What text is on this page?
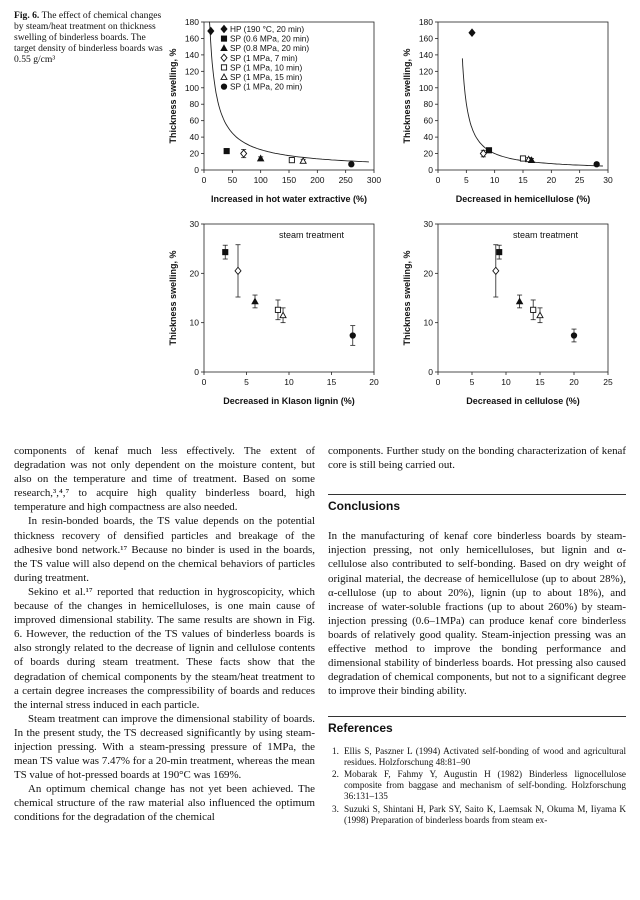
Fig. 6. The effect of chemical changes by steam/heat treatment on thickness swelling of binderless boards. The target density of binderless boards was 0.55 g/cm³
0 50 100 150 200 250 300
0
20
40
60
80
100
120
140
160
180
Increased in hot water extractive (%)
Thickness swelling, %
HP (190 °C, 20 min)
SP (0.6 MPa, 20 min)
SP (0.8 MPa, 20 min)
SP (1 MPa, 7 min)
SP (1 MPa, 10 min)
SP (1 MPa, 15 min)
SP (1 MPa, 20 min)
0	5 10 15 20 25 30
0
20
40
60
80
100
120
140
160
180
Decreased in hemicellulose (%)
Thickness swelling, %
0	5	10	15	20
0
10
20
30
Decreased in Klason lignin (%)
Thickness swelling, %
steam treatment
0	5	10	15	20	25
0
10
20
30
Decreased in cellulose (%)
Thickness swelling, %
steam treatment

components of kenaf much less effectively. The extent of degradation was not only dependent on the moisture content, but also on the temperature and time of treatment. Based on some research,³,⁴,⁷ to acquire high quality binderless board, high temperature and high compactness are also needed.

In resin-bonded boards, the TS value depends on the potential thickness recovery of densified particles and breakage of the adhesive bond network.¹⁷ Because no binder is used in the boards, the TS value will also depend on the chemical behaviors of particles during treatment.

Sekino et al.¹⁷ reported that reduction in hygroscopicity, which because of the changes in hemicelluloses, is one main cause of improved dimensional stability. The same results are shown in Fig. 6. However, the reduction of the TS values of binderless boards is also strongly related to the decrease of lignin and cellulose contents of boards during steam treatment. These facts show that the degradation of chemical components by the steam/heat treatment to a certain degree increases the compressibility of boards and reduces the internal stress induced in each particle.

Steam treatment can improve the dimensional stability of boards. In the present study, the TS decreased significantly by using steam-injection pressing. With a steam-pressing pressure of 1MPa, the mean TS value was 7.47% for a 20-min treatment, whereas the mean TS value of hot-pressed boards at 190°C was 169%.

An optimum chemical change has not yet been achieved. The chemical structure of the raw material also influenced the optimum conditions for the degradation of the chemical

components. Further study on the bonding characterization of kenaf core is still being carried out.

Conclusions

In the manufacturing of kenaf core binderless boards by steam-injection pressing, not only hemicelluloses, but lignin and α-cellulose also contributed to self-bonding. Based on dry weight of original material, the decrease of hemicellulose (up to about 28%), α-cellulose (up to about 20%), lignin (up to about 18%), and increase of water-soluble fractions (up to about 260%) by steam-injection pressing (0.6–1MPa) can produce kenaf core binderless boards of relatively good quality. Steam-injection pressing was an effective method to improve the bonding performance and dimensional stability of binderless boards. Hot pressing also caused degradation of chemical components, but not to a significant degree to improve their binding ability.

References
1. Ellis S, Paszner L (1994) Activated self-bonding of wood and agricultural residues. Holzforschung 48:81–90
2. Mobarak F, Fahmy Y, Augustin H (1982) Binderless lignocellulose composite from baggase and mechanism of self-bonding. Holzforschung 36:131–135
3. Suzuki S, Shintani H, Park SY, Saito K, Laemsak N, Okuma M, Iiyama K (1998) Preparation of binderless boards from steam ex-
